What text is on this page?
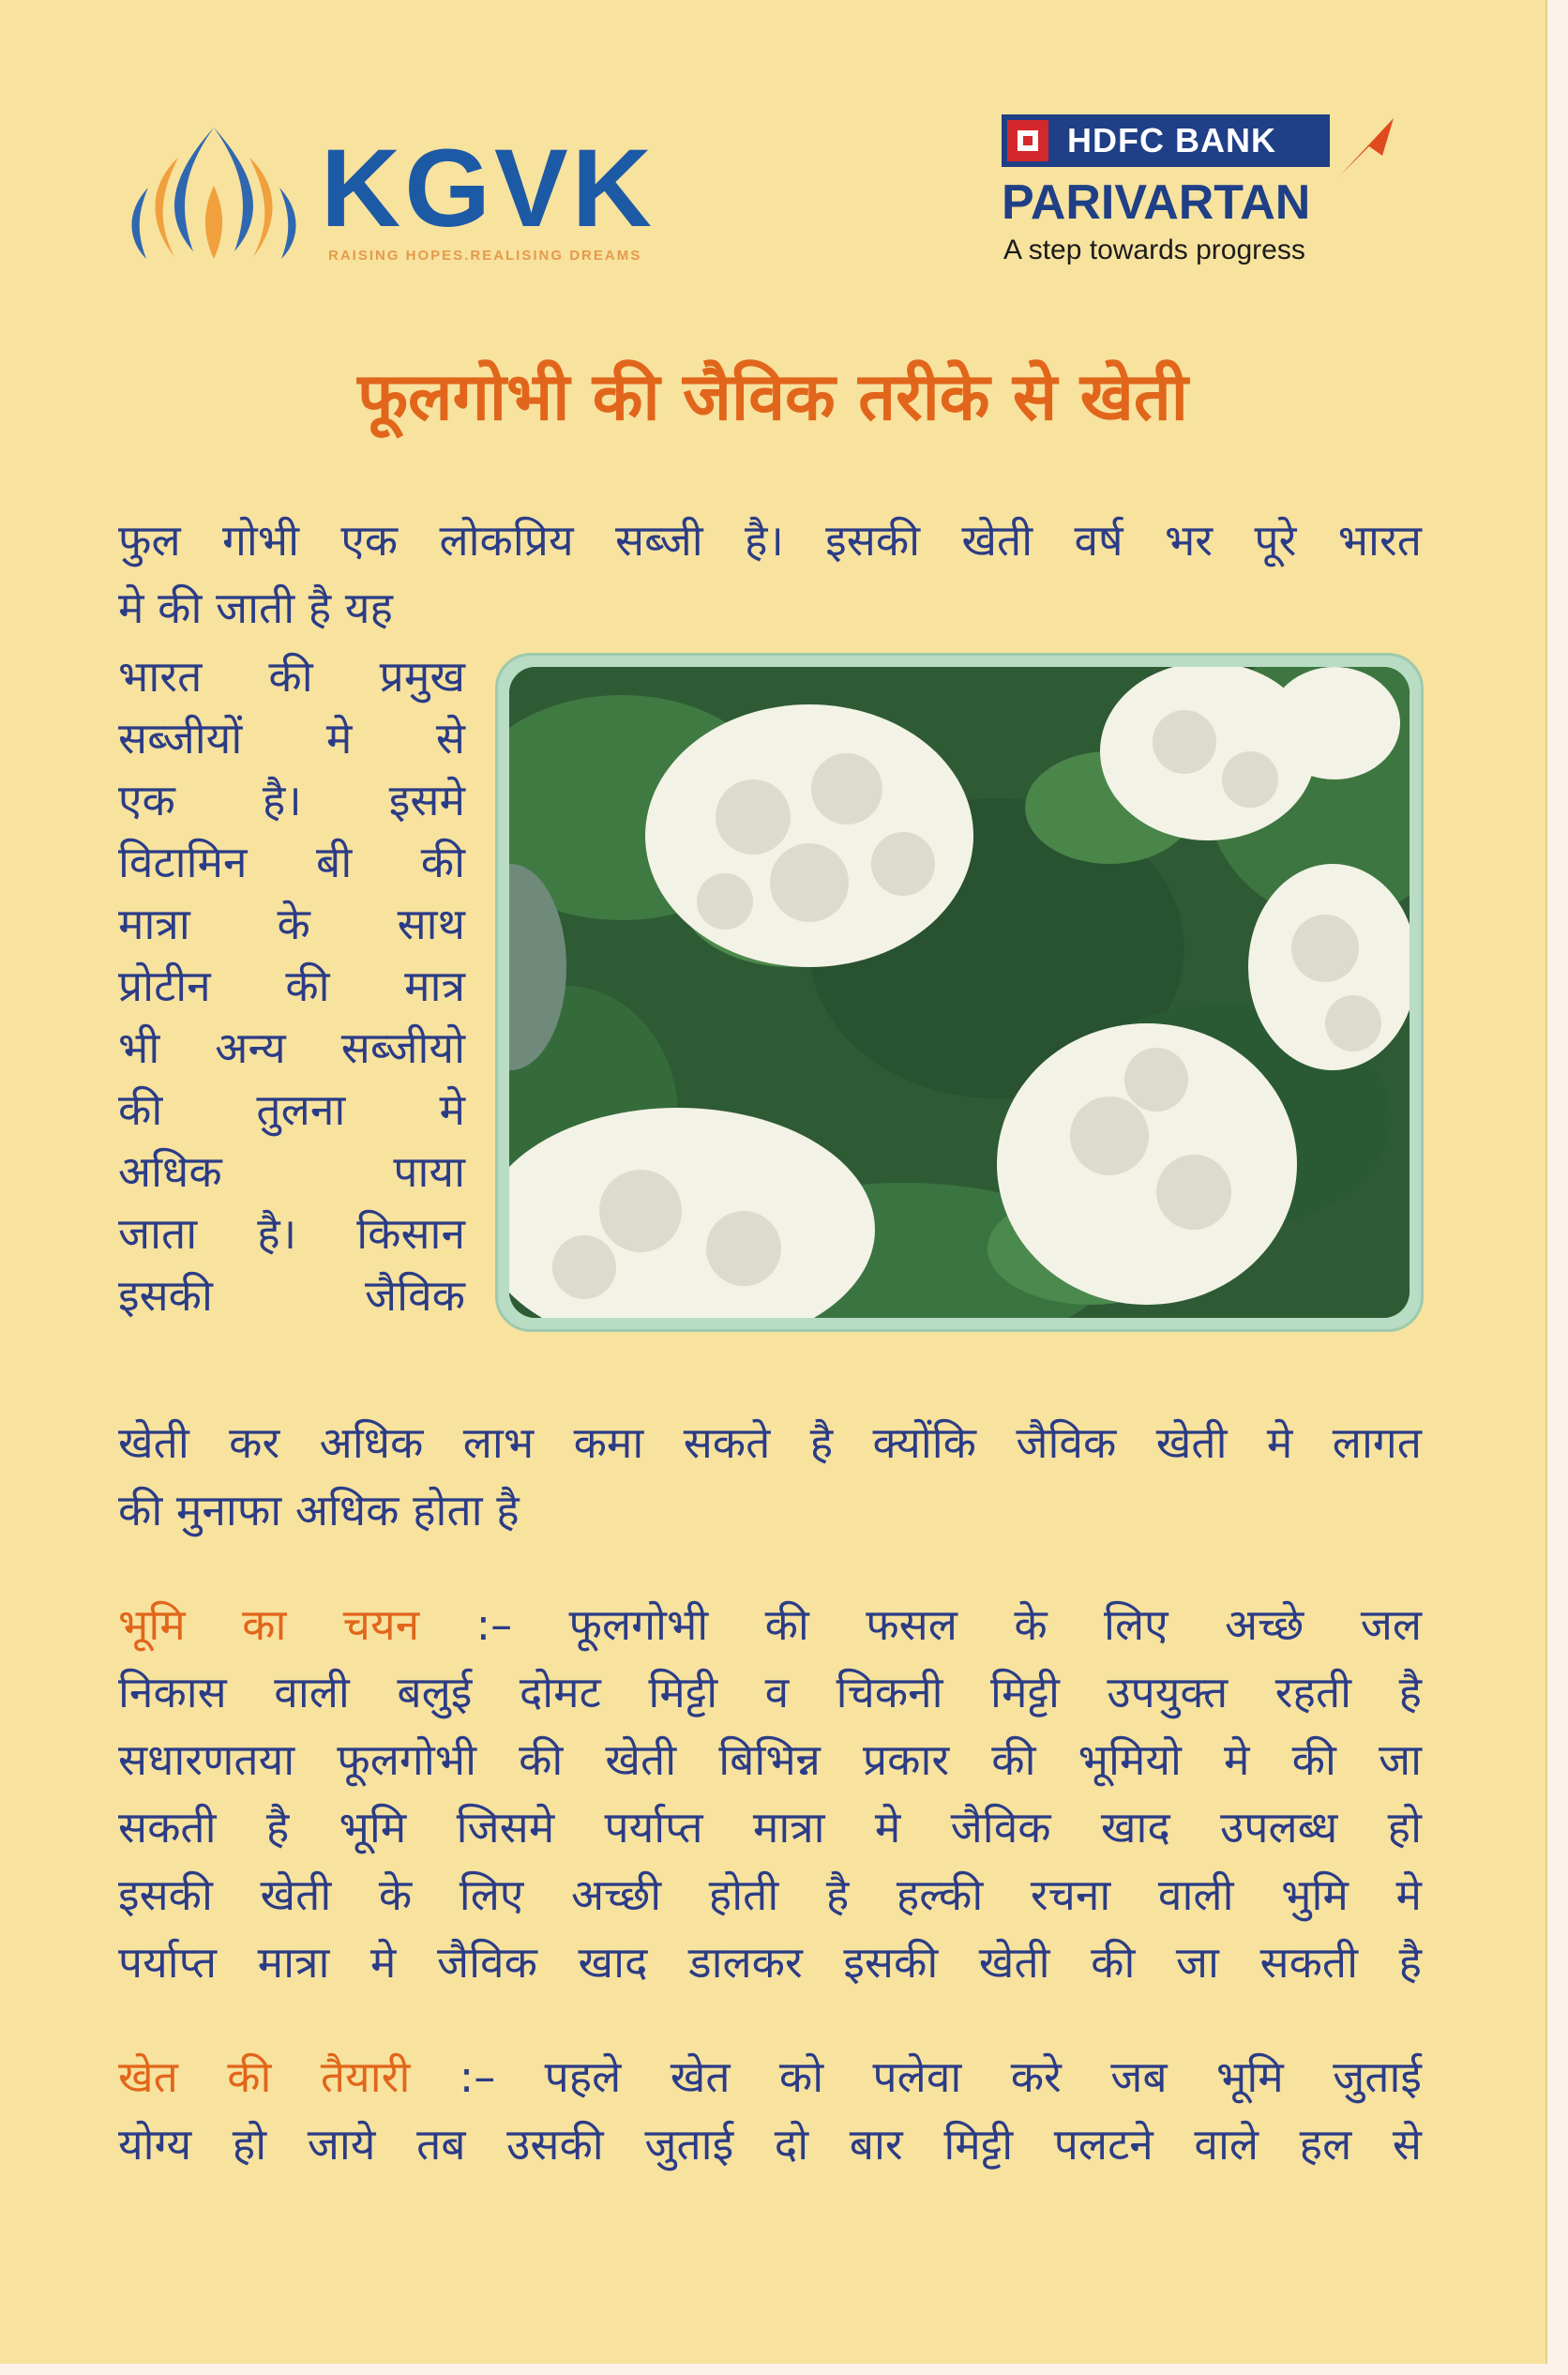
KGVK
RAISING HOPES.REALISING DREAMS
HDFC BANK
PARIVARTAN
A step towards progress
फूलगोभी की जैविक तरीके से खेती
फुल गोभी एक लोकप्रिय सब्जी है। इसकी खेती वर्ष भर पूरे भारत
मे की जाती है यह
भारत की प्रमुख
सब्जीयों मे से
एक है। इसमे
विटामिन बी की
मात्रा के साथ
प्रोटीन की मात्र
भी अन्य सब्जीयो
की तुलना मे
अधिक पाया
जाता है। किसान
इसकी जैविक
खेती कर अधिक लाभ कमा सकते है क्योंकि जैविक खेती मे लागत
की मुनाफा अधिक होता है
भूमि का चयन :– फूलगोभी की फसल के लिए अच्छे जल
निकास वाली बलुई दोमट मिट्टी व चिकनी मिट्टी उपयुक्त रहती है
सधारणतया फूलगोभी की खेती बिभिन्न प्रकार की भूमियो मे की जा
सकती है भूमि जिसमे पर्याप्त मात्रा मे जैविक खाद उपलब्ध हो
इसकी खेती के लिए अच्छी होती है हल्की रचना वाली भुमि मे
पर्याप्त मात्रा मे जैविक खाद डालकर इसकी खेती की जा सकती है
खेत की तैयारी :– पहले खेत को पलेवा करे जब भूमि जुताई
योग्य हो जाये तब उसकी जुताई दो बार मिट्टी पलटने वाले हल से
